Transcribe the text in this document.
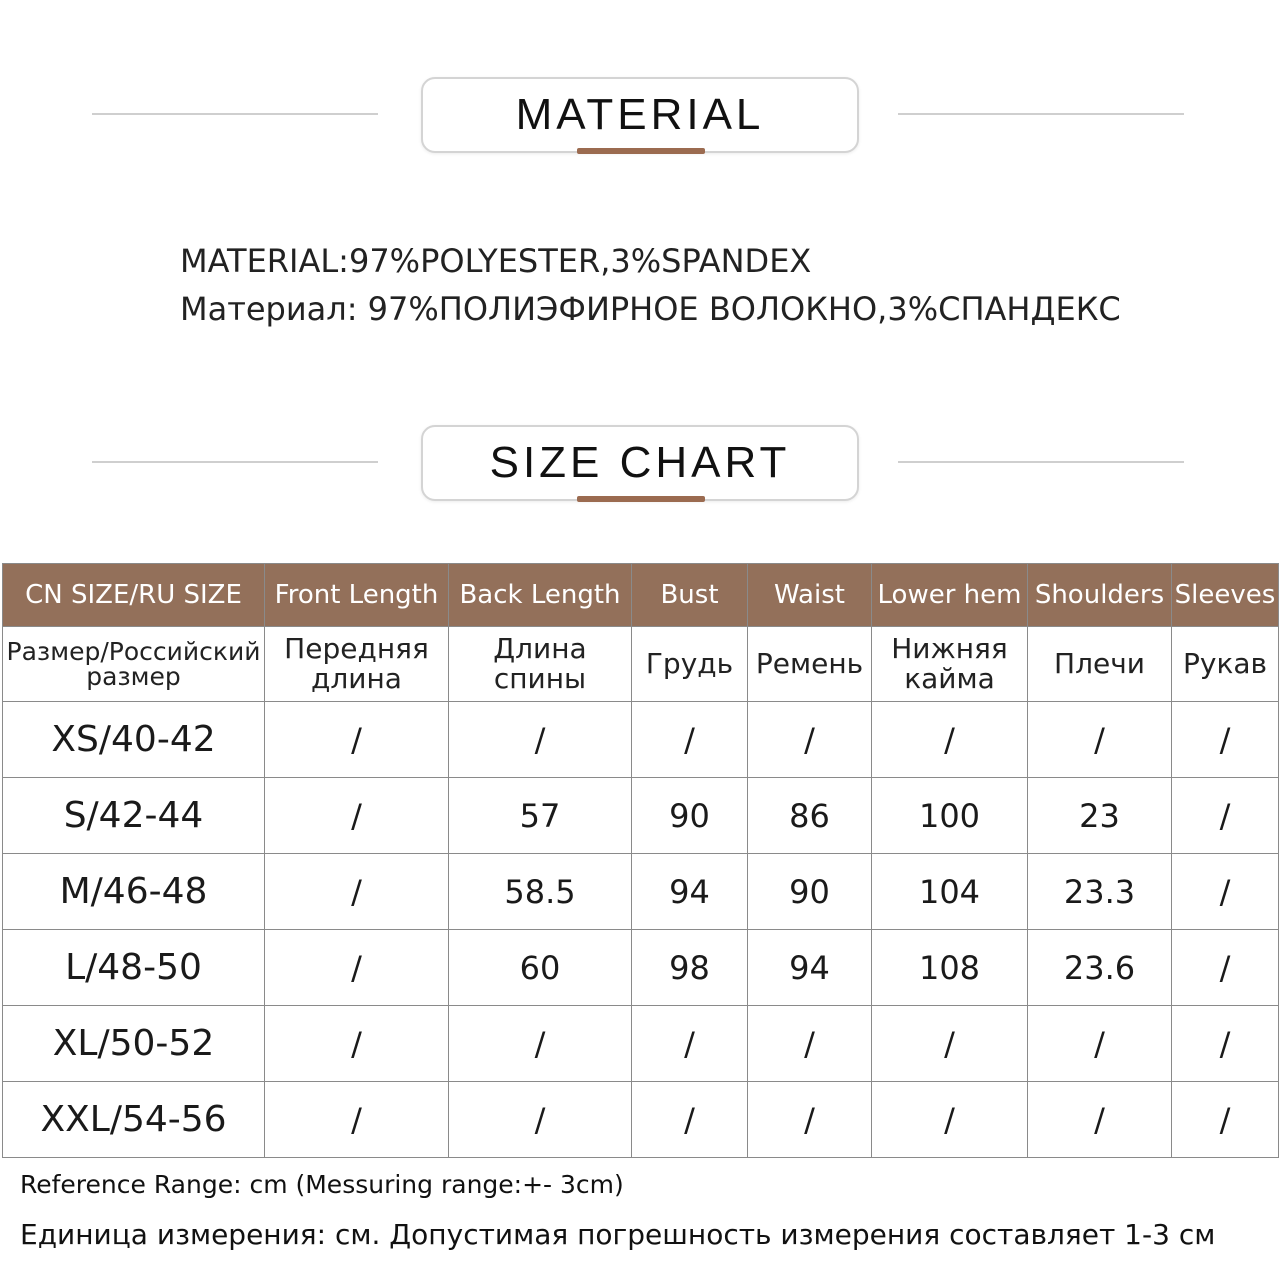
MATERIAL
MATERIAL:97%POLYESTER,3%SPANDEX
Материал: 97%ПОЛИЭФИРНОЕ ВОЛОКНО,3%СПАНДЕКС
SIZE CHART
CN SIZE/RU SIZE	Front Length	Back Length	Bust	Waist	Lower hem	Shoulders	Sleeves
Размер/Российский размер	Передняя длина	Длина спины	Грудь	Ремень	Нижняя кайма	Плечи	Рукав
XS/40-42	/	/	/	/	/	/	/
S/42-44	/	57	90	86	100	23	/
M/46-48	/	58.5	94	90	104	23.3	/
L/48-50	/	60	98	94	108	23.6	/
XL/50-52	/	/	/	/	/	/	/
XXL/54-56	/	/	/	/	/	/	/
Reference Range: cm (Messuring range:+- 3cm)
Единица измерения: см. Допустимая погрешность измерения составляет 1-3 см
